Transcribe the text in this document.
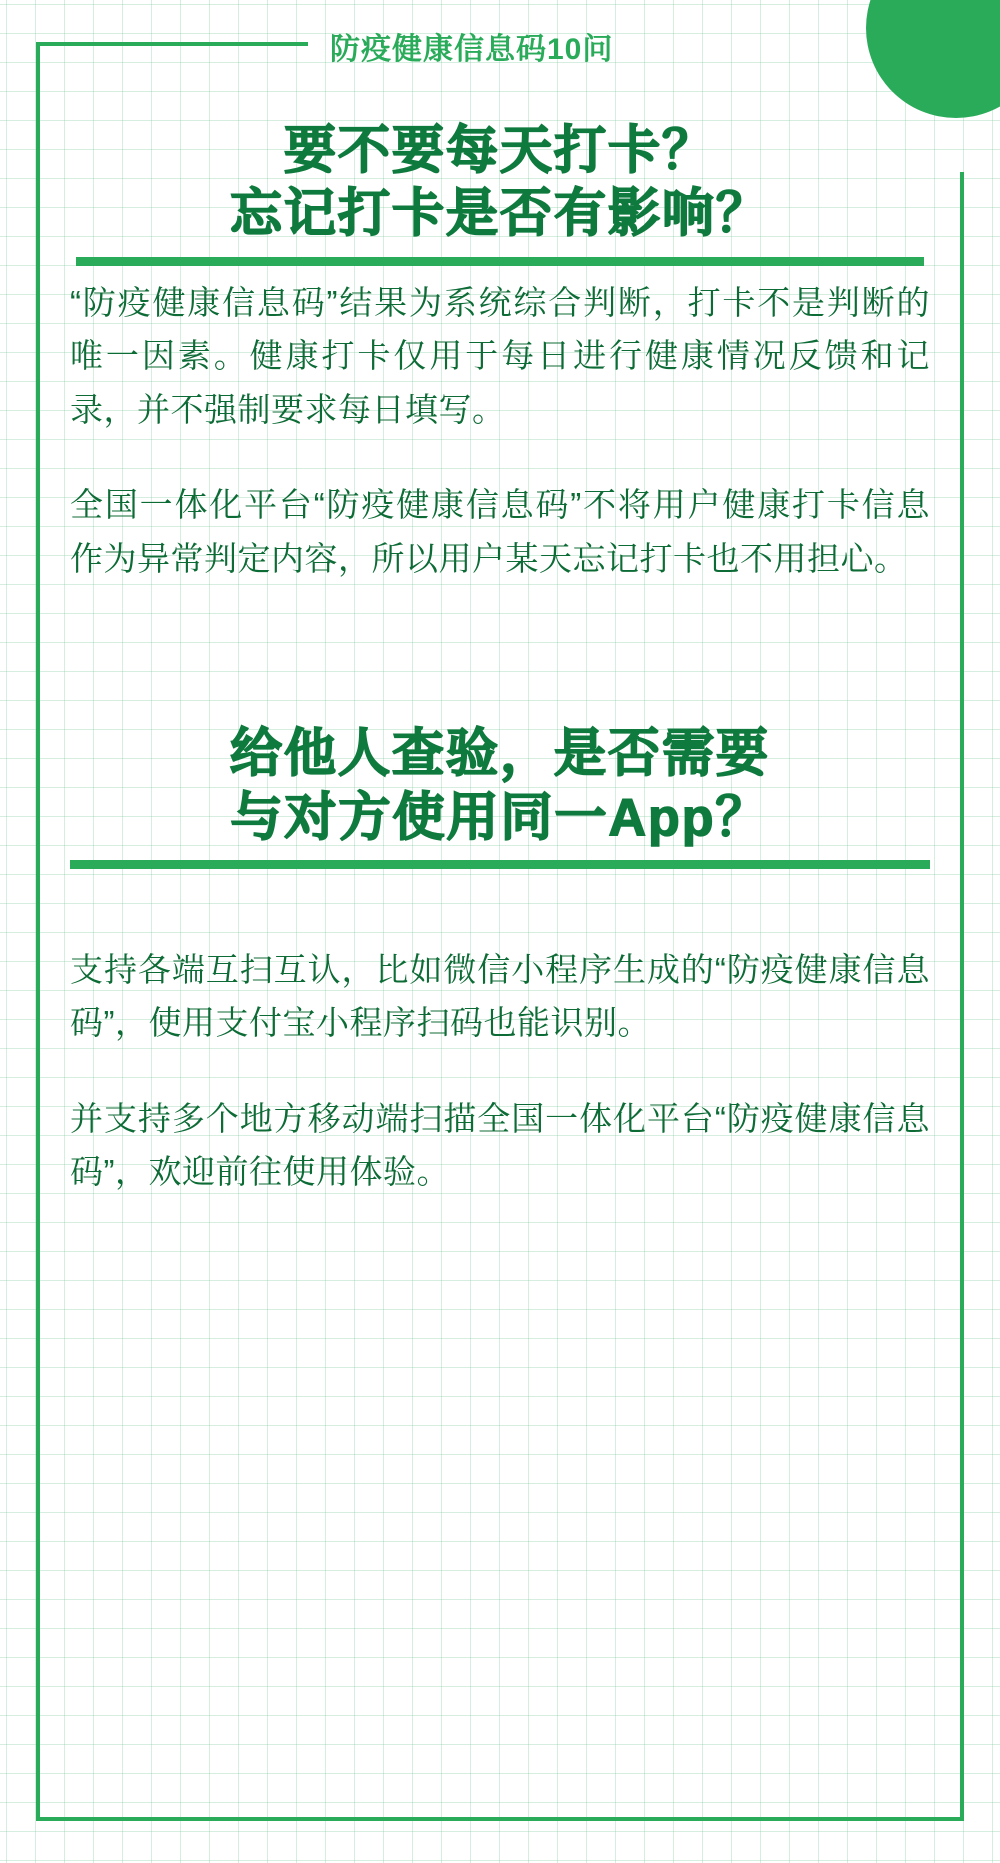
防疫健康信息码10问
要不要每天打卡？
忘记打卡是否有影响？

“防疫健康信息码”结果为系统综合判断，打卡不是判断的唯一因素。健康打卡仅用于每日进行健康情况反馈和记录，并不强制要求每日填写。

全国一体化平台“防疫健康信息码”不将用户健康打卡信息作为异常判定内容，所以用户某天忘记打卡也不用担心。

给他人查验，是否需要
与对方使用同一App？

支持各端互扫互认，比如微信小程序生成的“防疫健康信息码”，使用支付宝小程序扫码也能识别。

并支持多个地方移动端扫描全国一体化平台“防疫健康信息码”，欢迎前往使用体验。
